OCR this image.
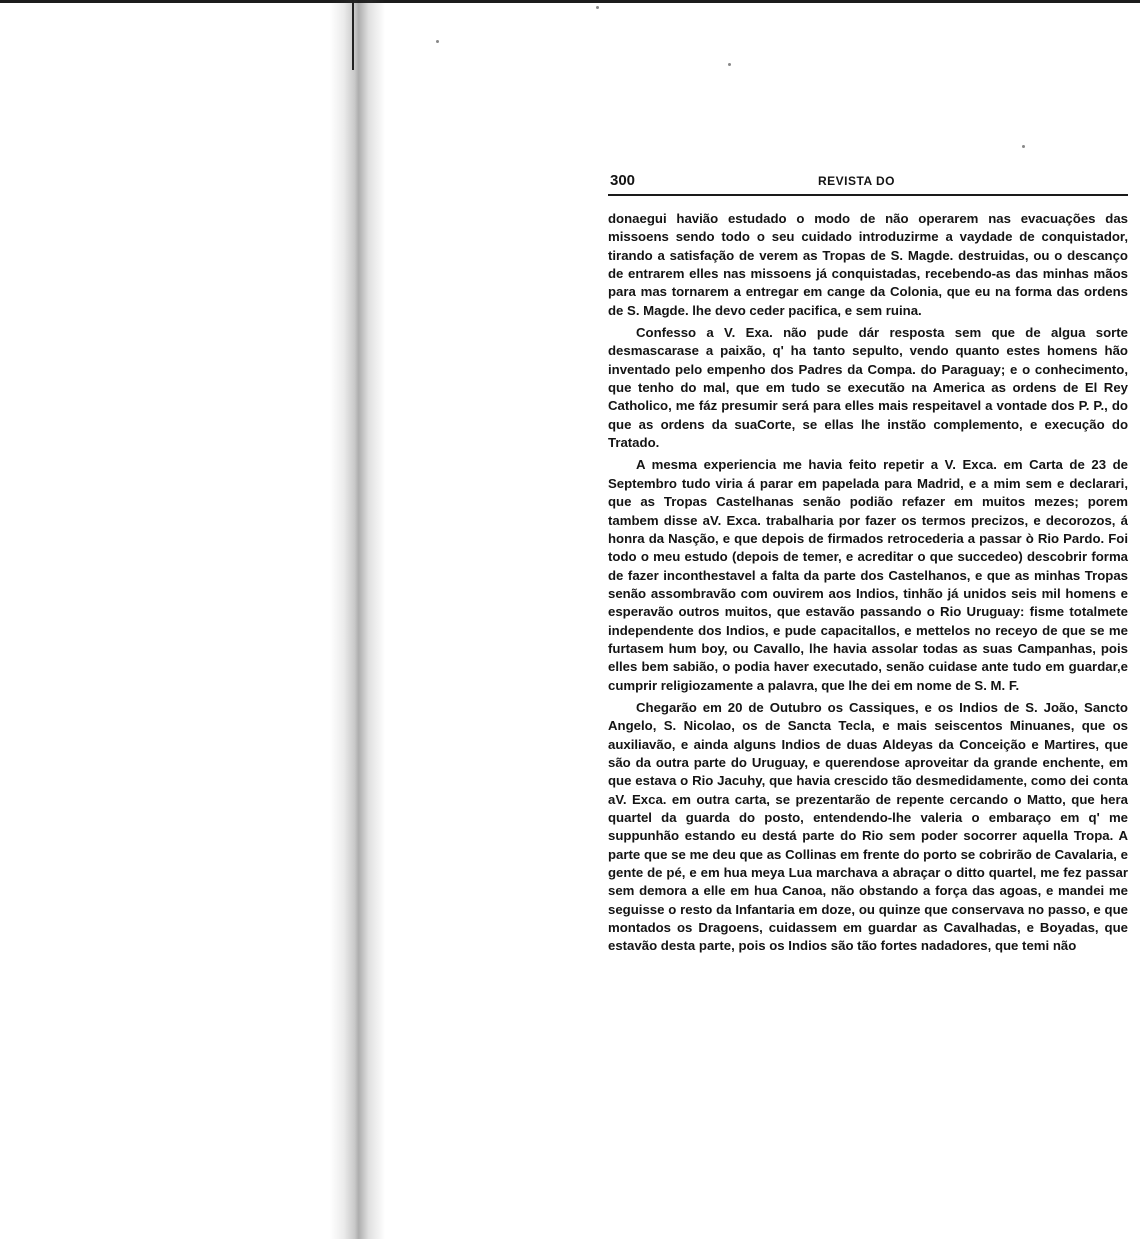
300	REVISTA DO

donaegui havião estudado o modo de não operarem nas evacuações das missoens sendo todo o seu cuidado introduzirme a vaydade de conquistador, tirando a satisfação de verem as Tropas de S. Magde. destruidas, ou o descanço de entrarem elles nas missoens já conquistadas, recebendo-as das minhas mãos para mas tornarem a entregar em cange da Colonia, que eu na forma das ordens de S. Magde. lhe devo ceder pacifica, e sem ruina.

Confesso a V. Exa. não pude dár resposta sem que de algua sorte desmascarase a paixão, q' ha tanto sepulto, vendo quanto estes homens hão inventado pelo empenho dos Padres da Compa. do Paraguay; e o conhecimento, que tenho do mal, que em tudo se executão na America as ordens de El Rey Catholico, me fáz presumir será para elles mais respeitavel a vontade dos P. P., do que as ordens da suaCorte, se ellas lhe instão complemento, e execução do Tratado.

A mesma experiencia me havia feito repetir a V. Exca. em Carta de 23 de Septembro tudo viria á parar em papelada para Madrid, e a mim sem e declarari, que as Tropas Castelhanas senão podião refazer em muitos mezes; porem tambem disse aV. Exca. trabalharia por fazer os termos precizos, e decorozos, á honra da Nasção, e que depois de firmados retrocederia a passar ò Rio Pardo. Foi todo o meu estudo (depois de temer, e acreditar o que succedeo) descobrir forma de fazer inconthestavel a falta da parte dos Castelhanos, e que as minhas Tropas senão assombravão com ouvirem aos Indios, tinhão já unidos seis mil homens e esperavão outros muitos, que estavão passando o Rio Uruguay: fisme totalmete independente dos Indios, e pude capacitallos, e mettelos no receyo de que se me furtasem hum boy, ou Cavallo, lhe havia assolar todas as suas Campanhas, pois elles bem sabião, o podia haver executado, senão cuidase ante tudo em guardar,e cumprir religiozamente a palavra, que lhe dei em nome de S. M. F.

Chegarão em 20 de Outubro os Cassiques, e os Indios de S. João, Sancto Angelo, S. Nicolao, os de Sancta Tecla, e mais seiscentos Minuanes, que os auxiliavão, e ainda alguns Indios de duas Aldeyas da Conceição e Martires, que são da outra parte do Uruguay, e querendose aproveitar da grande enchente, em que estava o Rio Jacuhy, que havia crescido tão desmedidamente, como dei conta aV. Exca. em outra carta, se prezentarão de repente cercando o Matto, que hera quartel da guarda do posto, entendendo-lhe valeria o embaraço em q' me suppunhão estando eu destá parte do Rio sem poder socorrer aquella Tropa. A parte que se me deu que as Collinas em frente do porto se cobrirão de Cavalaria, e gente de pé, e em hua meya Lua marchava a abraçar o ditto quartel, me fez passar sem demora a elle em hua Canoa, não obstando a força das agoas, e mandei me seguisse o resto da Infantaria em doze, ou quinze que conservava no passo, e que montados os Dragoens, cuidassem em guardar as Cavalhadas, e Boyadas, que estavão desta parte, pois os Indios são tão fortes nadadores, que temi não
